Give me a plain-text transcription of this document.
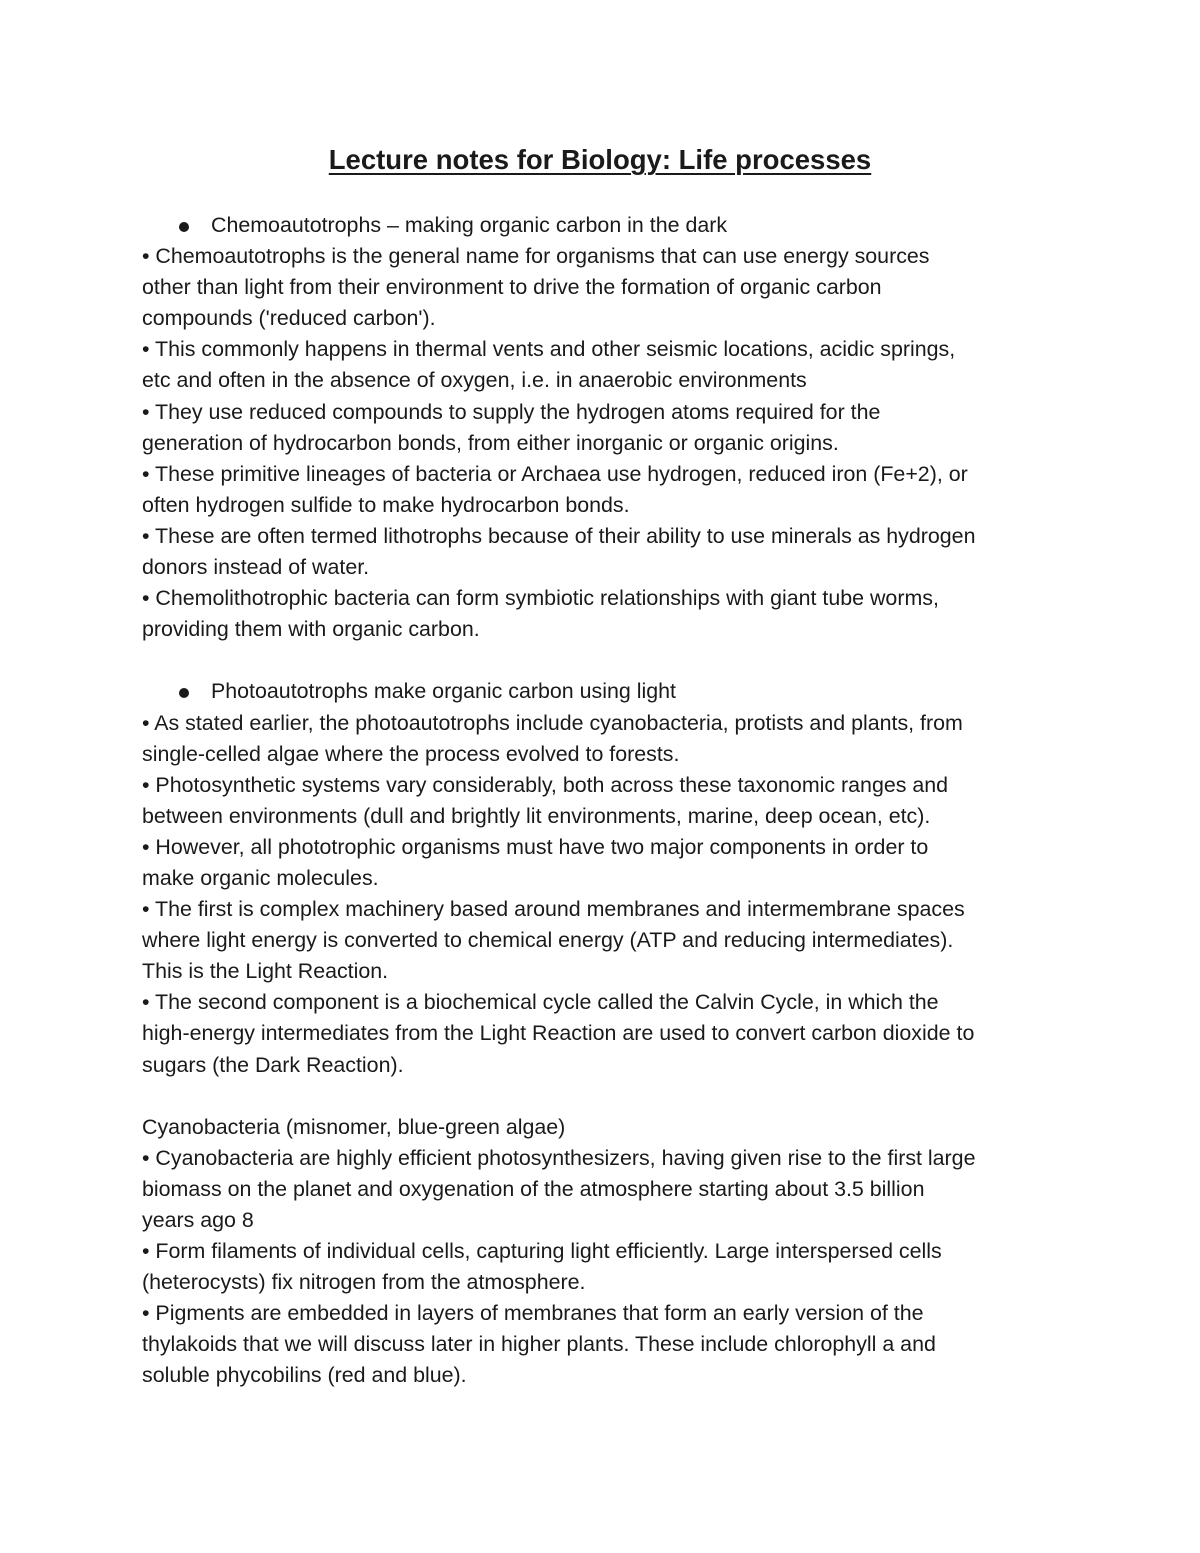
Lecture notes for Biology: Life processes
Chemoautotrophs – making organic carbon in the dark
• Chemoautotrophs is the general name for organisms that can use energy sources
other than light from their environment to drive the formation of organic carbon
compounds ('reduced carbon').
• This commonly happens in thermal vents and other seismic locations, acidic springs,
etc and often in the absence of oxygen, i.e. in anaerobic environments
• They use reduced compounds to supply the hydrogen atoms required for the
generation of hydrocarbon bonds, from either inorganic or organic origins.
• These primitive lineages of bacteria or Archaea use hydrogen, reduced iron (Fe+2), or
often hydrogen sulfide to make hydrocarbon bonds.
• These are often termed lithotrophs because of their ability to use minerals as hydrogen
donors instead of water.
• Chemolithotrophic bacteria can form symbiotic relationships with giant tube worms,
providing them with organic carbon.
Photoautotrophs make organic carbon using light
• As stated earlier, the photoautotrophs include cyanobacteria, protists and plants, from
single-celled algae where the process evolved to forests.
• Photosynthetic systems vary considerably, both across these taxonomic ranges and
between environments (dull and brightly lit environments, marine, deep ocean, etc).
• However, all phototrophic organisms must have two major components in order to
make organic molecules.
• The first is complex machinery based around membranes and intermembrane spaces
where light energy is converted to chemical energy (ATP and reducing intermediates).
This is the Light Reaction.
• The second component is a biochemical cycle called the Calvin Cycle, in which the
high-energy intermediates from the Light Reaction are used to convert carbon dioxide to
sugars (the Dark Reaction).
Cyanobacteria (misnomer, blue-green algae)
• Cyanobacteria are highly efficient photosynthesizers, having given rise to the first large
biomass on the planet and oxygenation of the atmosphere starting about 3.5 billion
years ago 8
• Form filaments of individual cells, capturing light efficiently. Large interspersed cells
(heterocysts) fix nitrogen from the atmosphere.
• Pigments are embedded in layers of membranes that form an early version of the
thylakoids that we will discuss later in higher plants. These include chlorophyll a and
soluble phycobilins (red and blue).
